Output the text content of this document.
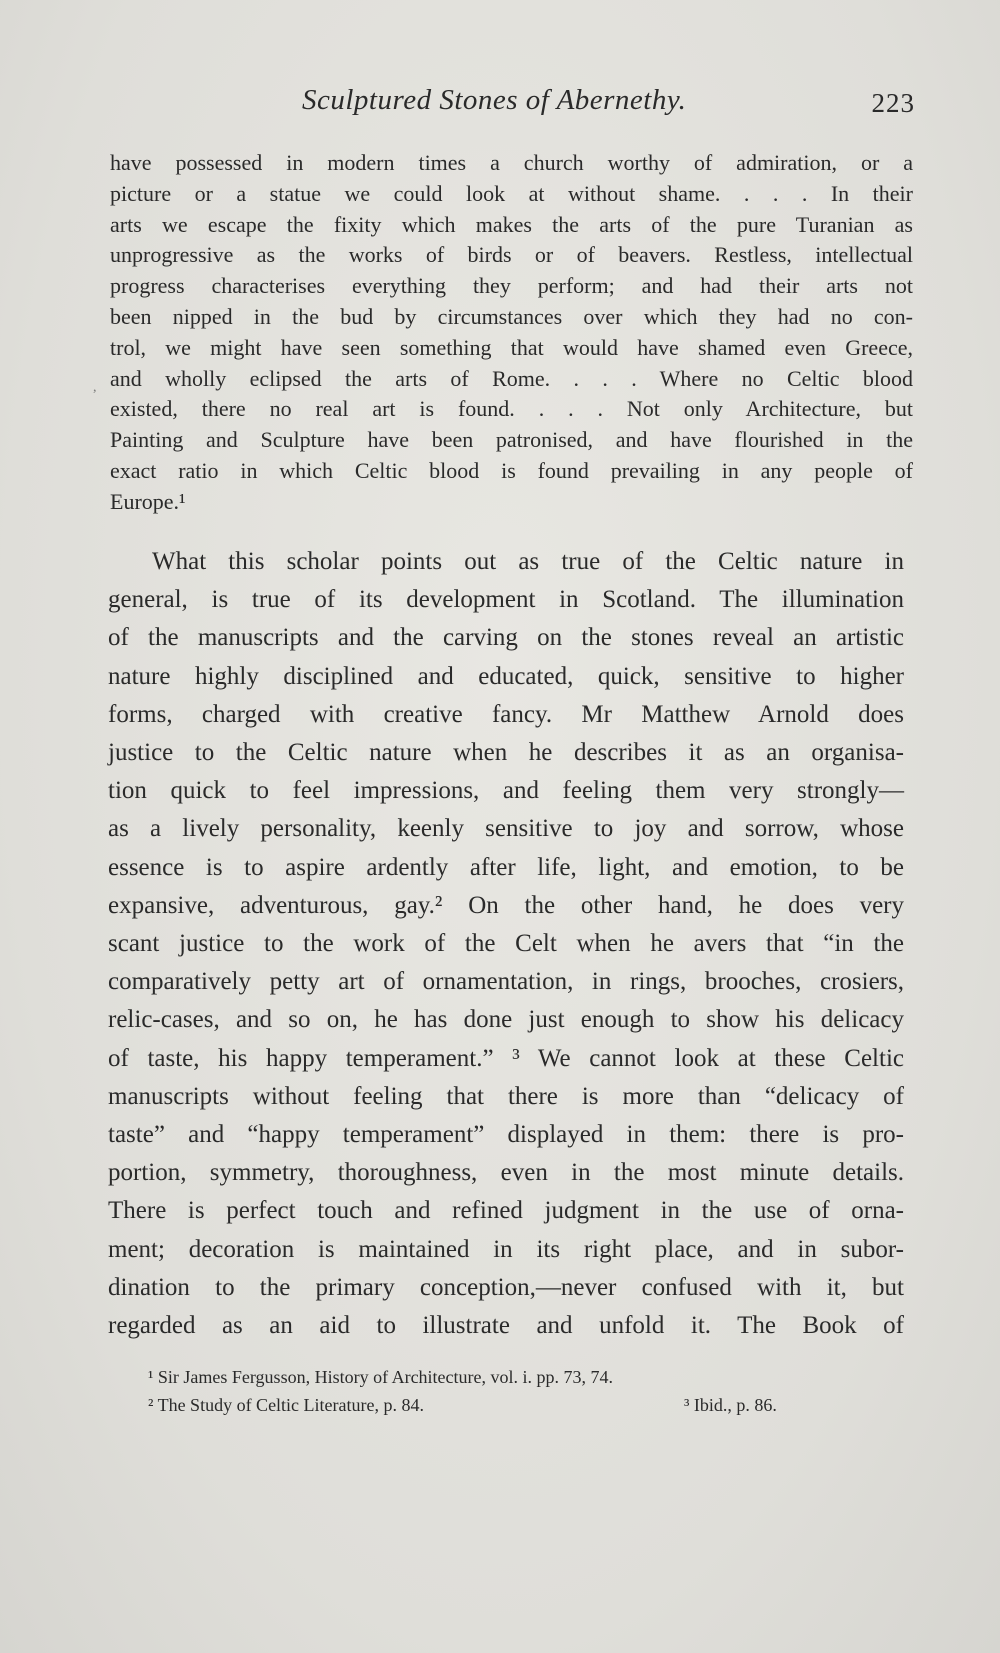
Sculptured Stones of Abernethy.	223
,
have possessed in modern times a church worthy of admiration, or a
picture or a statue we could look at without shame. . . . In their
arts we escape the fixity which makes the arts of the pure Turanian as
unprogressive as the works of birds or of beavers. Restless, intellectual
progress characterises everything they perform; and had their arts not
been nipped in the bud by circumstances over which they had no con-
trol, we might have seen something that would have shamed even Greece,
and wholly eclipsed the arts of Rome. . . . Where no Celtic blood
existed, there no real art is found. . . . Not only Architecture, but
Painting and Sculpture have been patronised, and have flourished in the
exact ratio in which Celtic blood is found prevailing in any people of
Europe.¹
What this scholar points out as true of the Celtic nature in
general, is true of its development in Scotland. The illumination
of the manuscripts and the carving on the stones reveal an artistic
nature highly disciplined and educated, quick, sensitive to higher
forms, charged with creative fancy. Mr Matthew Arnold does
justice to the Celtic nature when he describes it as an organisa-
tion quick to feel impressions, and feeling them very strongly—
as a lively personality, keenly sensitive to joy and sorrow, whose
essence is to aspire ardently after life, light, and emotion, to be
expansive, adventurous, gay.² On the other hand, he does very
scant justice to the work of the Celt when he avers that “in the
comparatively petty art of ornamentation, in rings, brooches, crosiers,
relic-cases, and so on, he has done just enough to show his delicacy
of taste, his happy temperament.” ³ We cannot look at these Celtic
manuscripts without feeling that there is more than “delicacy of
taste” and “happy temperament” displayed in them: there is pro-
portion, symmetry, thoroughness, even in the most minute details.
There is perfect touch and refined judgment in the use of orna-
ment; decoration is maintained in its right place, and in subor-
dination to the primary conception,—never confused with it, but
regarded as an aid to illustrate and unfold it. The Book of
¹ Sir James Fergusson, History of Architecture, vol. i. pp. 73, 74.
² The Study of Celtic Literature, p. 84.	³ Ibid., p. 86.
